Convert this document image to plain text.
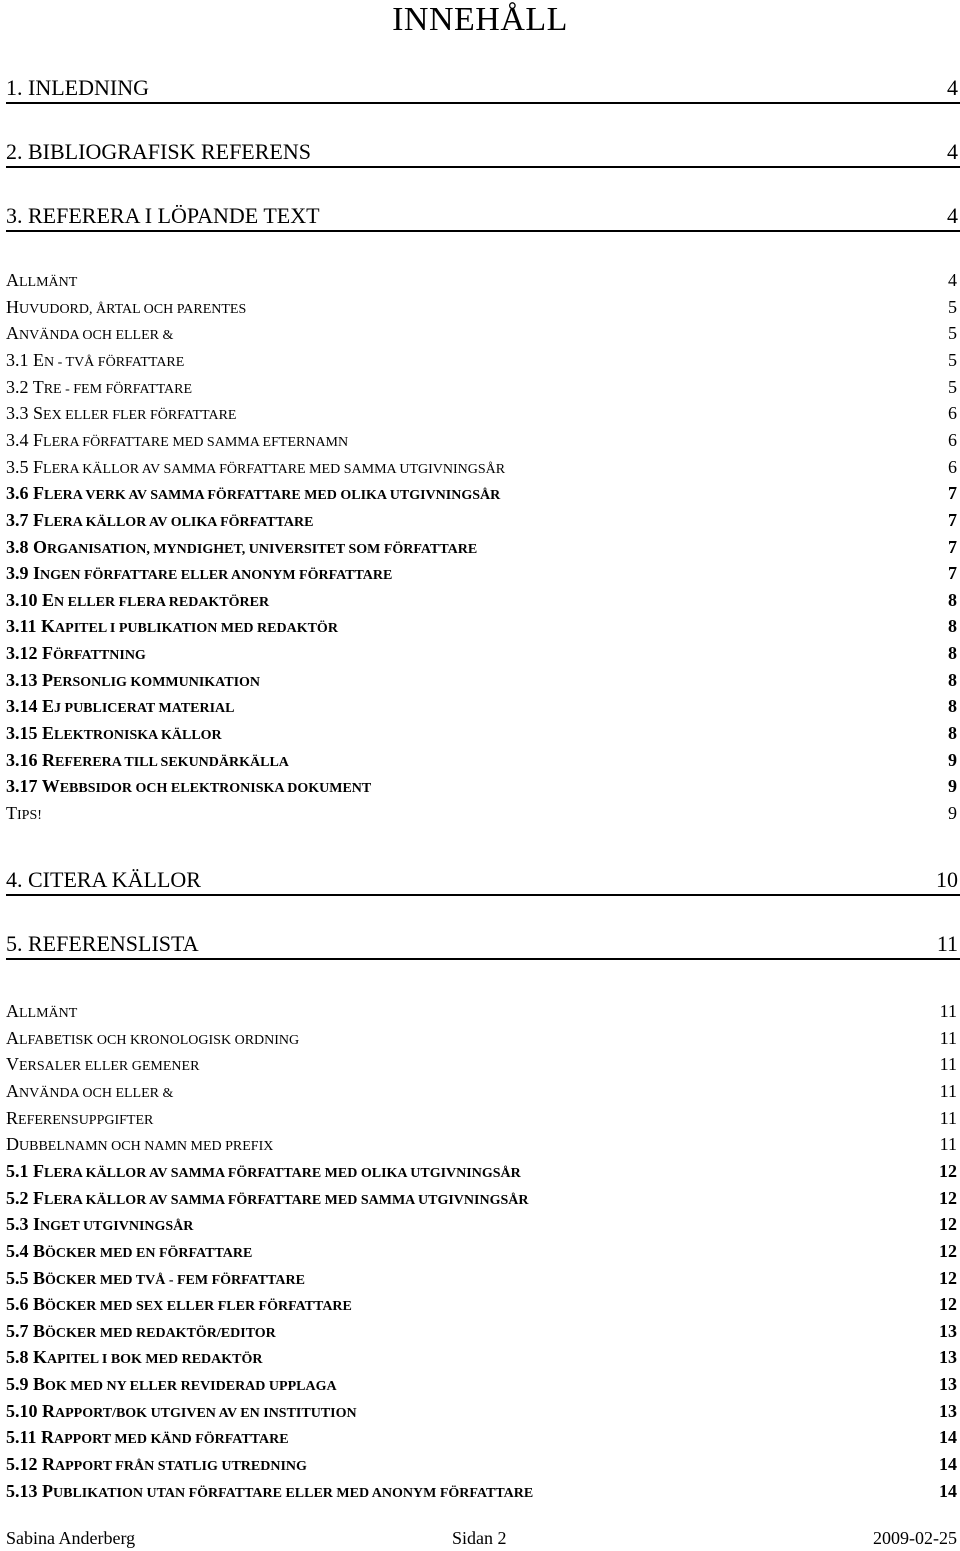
INNEHÅLL
1. INLEDNING	4
2. BIBLIOGRAFISK REFERENS	4
3. REFERERA I LÖPANDE TEXT	4
4. CITERA KÄLLOR	10
5. REFERENSLISTA	11
ALLMÄNT	4
HUVUDORD, ÅRTAL OCH PARENTES	5
ANVÄNDA OCH ELLER &	5
3.1 EN - TVÅ FÖRFATTARE	5
3.2 TRE - FEM FÖRFATTARE	5
3.3 SEX ELLER FLER FÖRFATTARE	6
3.4 FLERA FÖRFATTARE MED SAMMA EFTERNAMN	6
3.5 FLERA KÄLLOR AV SAMMA FÖRFATTARE MED SAMMA UTGIVNINGSÅR	6
3.6 FLERA VERK AV SAMMA FÖRFATTARE MED OLIKA UTGIVNINGSÅR	7
3.7 FLERA KÄLLOR AV OLIKA FÖRFATTARE	7
3.8 ORGANISATION, MYNDIGHET, UNIVERSITET SOM FÖRFATTARE	7
3.9 INGEN FÖRFATTARE ELLER ANONYM FÖRFATTARE	7
3.10 EN ELLER FLERA REDAKTÖRER	8
3.11 KAPITEL I PUBLIKATION MED REDAKTÖR	8
3.12 FÖRFATTNING	8
3.13 PERSONLIG KOMMUNIKATION	8
3.14 EJ PUBLICERAT MATERIAL	8
3.15 ELEKTRONISKA KÄLLOR	8
3.16 REFERERA TILL SEKUNDÄRKÄLLA	9
3.17 WEBBSIDOR OCH ELEKTRONISKA DOKUMENT	9
TIPS!	9
ALLMÄNT	11
ALFABETISK OCH KRONOLOGISK ORDNING	11
VERSALER ELLER GEMENER	11
ANVÄNDA OCH ELLER &	11
REFERENSUPPGIFTER	11
DUBBELNAMN OCH NAMN MED PREFIX	11
5.1 FLERA KÄLLOR AV SAMMA FÖRFATTARE MED OLIKA UTGIVNINGSÅR	12
5.2 FLERA KÄLLOR AV SAMMA FÖRFATTARE MED SAMMA UTGIVNINGSÅR	12
5.3 INGET UTGIVNINGSÅR	12
5.4 BÖCKER MED EN FÖRFATTARE	12
5.5 BÖCKER MED TVÅ - FEM FÖRFATTARE	12
5.6 BÖCKER MED SEX ELLER FLER FÖRFATTARE	12
5.7 BÖCKER MED REDAKTÖR/EDITOR	13
5.8 KAPITEL I BOK MED REDAKTÖR	13
5.9 BOK MED NY ELLER REVIDERAD UPPLAGA	13
5.10 RAPPORT/BOK UTGIVEN AV EN INSTITUTION	13
5.11 RAPPORT MED KÄND FÖRFATTARE	14
5.12 RAPPORT FRÅN STATLIG UTREDNING	14
5.13 PUBLIKATION UTAN FÖRFATTARE ELLER MED ANONYM FÖRFATTARE	14
Sabina Anderberg	Sidan 2	2009-02-25
